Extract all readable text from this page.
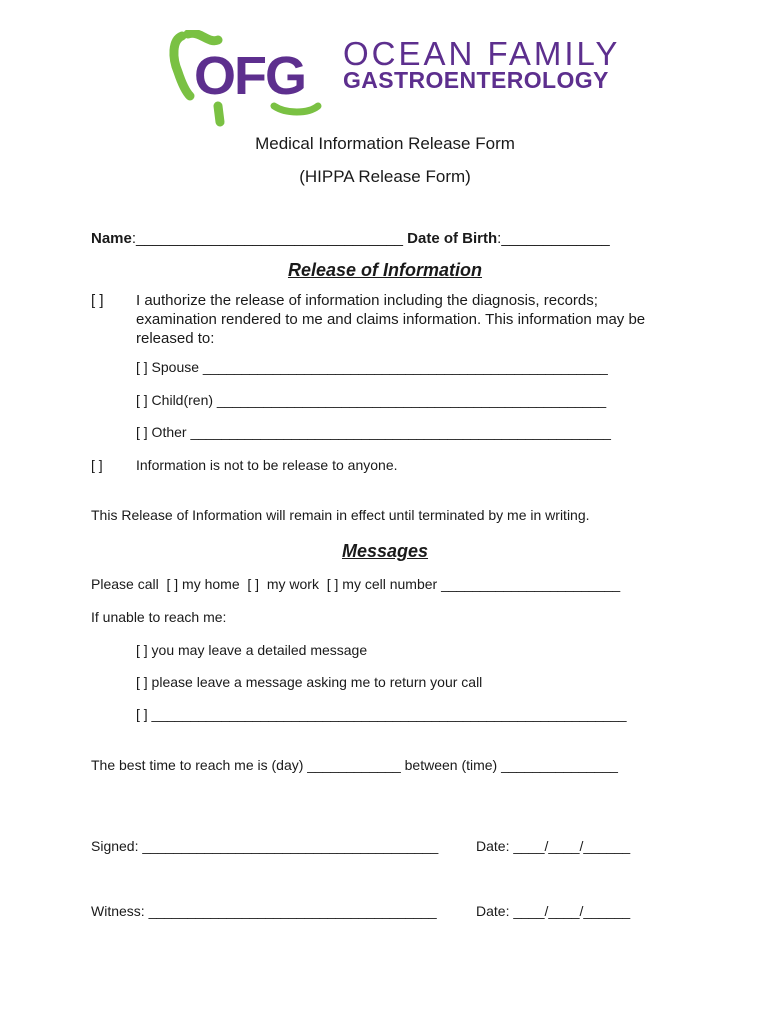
OFG OCEAN FAMILY
GASTROENTEROLOGY
Medical Information Release Form
(HIPPA Release Form)
Name:________________________________ Date of Birth:_____________
Release of Information
[ ] I authorize the release of information including the diagnosis, records;
examination rendered to me and claims information. This information may be
released to:
[ ] Spouse ____________________________________________________
[ ] Child(ren) __________________________________________________
[ ] Other ______________________________________________________
[ ] Information is not to be release to anyone.
This Release of Information will remain in effect until terminated by me in writing.
Messages
Please call  [ ] my home  [ ]  my work  [ ] my cell number _______________________
If unable to reach me:
[ ] you may leave a detailed message
[ ] please leave a message asking me to return your call
[ ] _____________________________________________________________
The best time to reach me is (day) ____________ between (time) _______________
Signed: ______________________________________	Date: ____/____/______
Witness: _____________________________________	Date: ____/____/______
